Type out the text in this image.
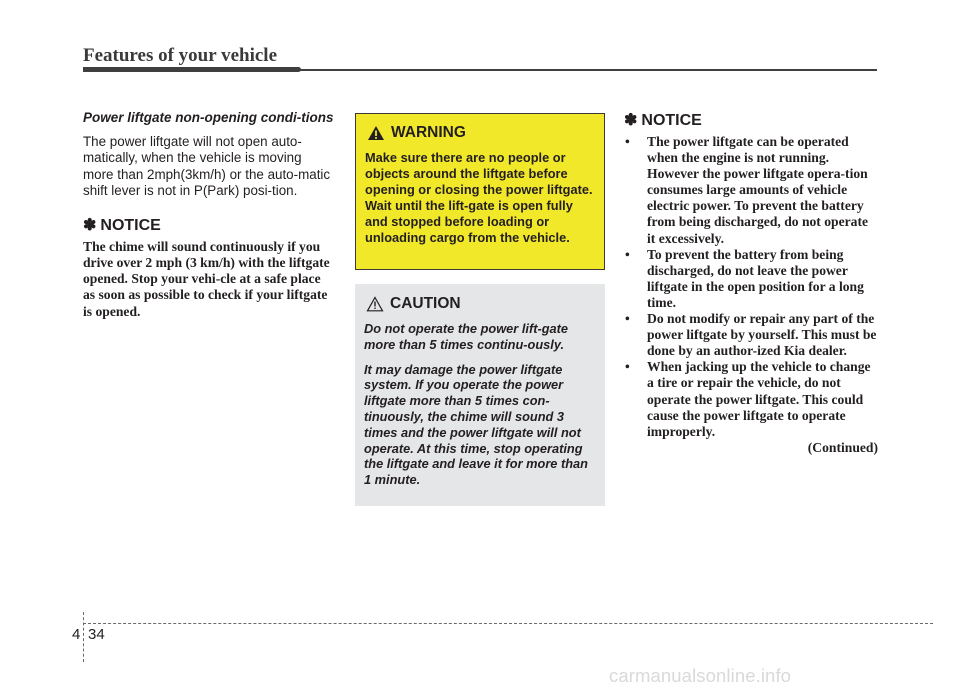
Features of your vehicle

Power liftgate non-opening condi-tions

The power liftgate will not open auto-matically, when the vehicle is moving more than 2mph(3km/h) or the auto-matic shift lever is not in P(Park) posi-tion.

✽ NOTICE

The chime will sound continuously if you drive over 2 mph (3 km/h) with the liftgate opened. Stop your vehi-cle at a safe place as soon as possible to check if your liftgate is opened.

WARNING

Make sure there are no people or objects around the liftgate before opening or closing the power liftgate. Wait until the lift-gate is open fully and stopped before loading or unloading cargo from the vehicle.

CAUTION

Do not operate the power lift-gate more than 5 times continu-ously.

It may damage the power liftgate system. If you operate the power liftgate more than 5 times con-tinuously, the chime will sound 3 times and the power liftgate will not operate. At this time, stop operating the liftgate and leave it for more than 1 minute.

✽ NOTICE
• The power liftgate can be operated when the engine is not running. However the power liftgate opera-tion consumes large amounts of vehicle electric power. To prevent the battery from being discharged, do not operate it excessively.
• To prevent the battery from being discharged, do not leave the power liftgate in the open position for a long time.
• Do not modify or repair any part of the power liftgate by yourself. This must be done by an author-ized Kia dealer.
• When jacking up the vehicle to change a tire or repair the vehicle, do not operate the power liftgate. This could cause the power liftgate to operate improperly.

(Continued)

4 34
carmanualsonline.info
